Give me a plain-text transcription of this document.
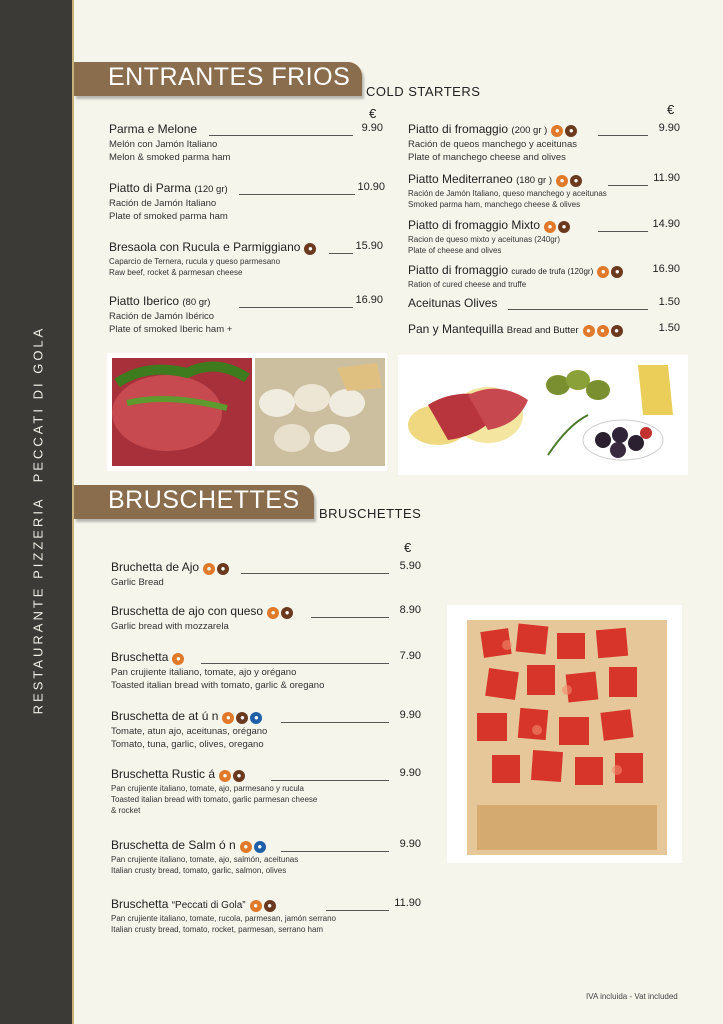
RESTAURANTE PIZZERIAPECCATI DI GOLA
ENTRANTES FRIOS
COLD STARTERS
€	€
Parma e Melone	9.90
Melón con Jamón Italiano
Melon & smoked parma ham
Piatto di Parma (120 gr)	10.90
Ración de Jamón Italiano
Plate of smoked parma ham
Bresaola con Rucula e Parmiggiano ●	15.90
Caparcio de Ternera, rucula y queso parmesano
Raw beef, rocket & parmesan cheese
Piatto Iberico (80 gr)	16.90
Ración de Jamón Ibérico
Plate of smoked Iberic ham +
Piatto di fromaggio (200 gr ) ● ●	9.90
Ración de queos manchego y aceitunas
Plate of manchego cheese and olives
Piatto Mediterraneo (180 gr ) ● ●	11.90
Ración de Jamón Italiano, queso manchego y aceitunas
Smoked parma ham, manchego cheese & olives
Piatto di fromaggio Mixto ● ●	14.90
Racion de queso mixto y aceitunas (240gr)
Plate of cheese and olives
Piatto di fromaggio curado de trufa (120gr) ● ●	16.90
Ration of cured cheese and truffe
Aceitunas Olives	1.50
Pan y Mantequilla Bread and Butter ● ● ●	1.50
BRUSCHETTES BRUSCHETTES
€
Bruchetta de Ajo ● ●	5.90
Garlic Bread
Bruschetta de ajo con queso ● ●	8.90
Garlic bread with mozzarela
Bruschetta ●	7.90
Pan crujiente italiano, tomate, ajo y orégano
Toasted italian bread with tomato, garlic & oregano
Bruschetta de at ú n ● ● ●	9.90
Tomate, atun ajo, aceitunas, orégano
Tomato, tuna, garlic, olives, oregano
Bruschetta Rustic á ● ●	9.90
Pan crujiente italiano, tomate, ajo, parmesano y rucula
Toasted italian bread with tomato, garlic parmesan cheese
& rocket
Bruschetta de Salm ó n ● ●	9.90
Pan crujiente italiano, tomate, ajo, salmón, aceitunas
Italian crusty bread, tomato, garlic, salmon, olives
Bruschetta “Peccati di Gola” ● ●	11.90
Pan crujiente italiano, tomate, rucola, parmesan, jamón serrano
Italian crusty bread, tomato, rocket, parmesan, serrano ham
IVA incluida - Vat included
